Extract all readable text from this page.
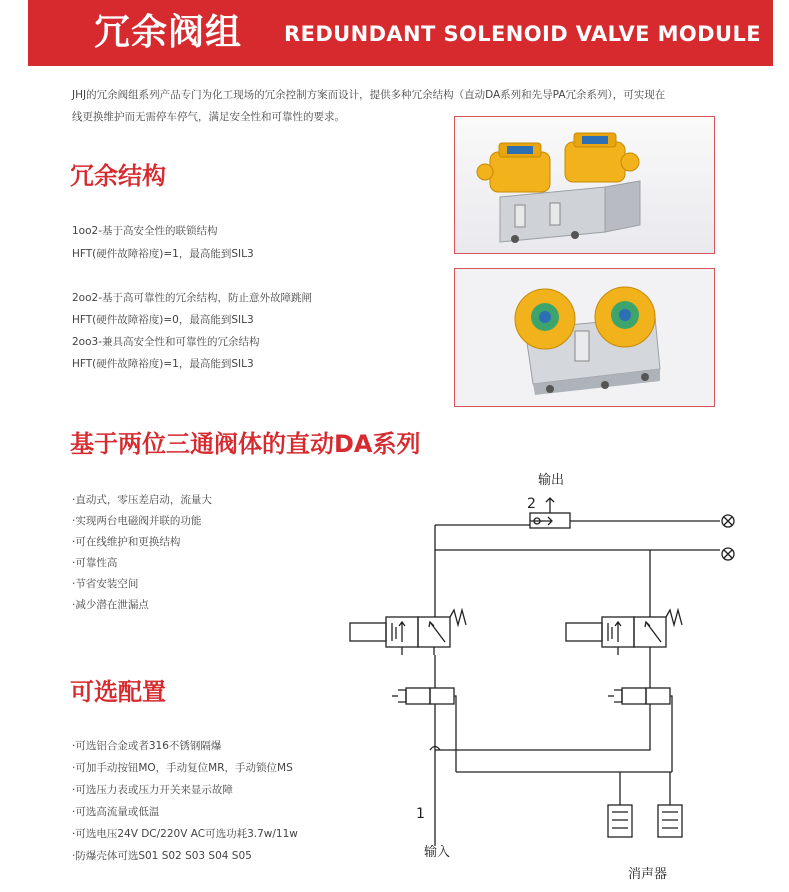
冗余阀组 REDUNDANT SOLENOID VALVE MODULE
JHJ的冗余阀组系列产品专门为化工现场的冗余控制方案而设计，提供多种冗余结构（直动DA系列和先导PA冗余系列），可实现在
线更换维护而无需停车停气，满足安全性和可靠性的要求。
冗余结构
1oo2-基于高安全性的联锁结构
HFT(硬件故障裕度)=1，最高能到SIL3
2oo2-基于高可靠性的冗余结构，防止意外故障跳闸
HFT(硬件故障裕度)=0，最高能到SIL3
2oo3-兼具高安全性和可靠性的冗余结构
HFT(硬件故障裕度)=1，最高能到SIL3
基于两位三通阀体的直动DA系列
·直动式，零压差启动，流量大
·实现两台电磁阀并联的功能
·可在线维护和更换结构
·可靠性高
·节省安装空间
·减少潜在泄漏点
可选配置
·可选铝合金或者316不锈钢隔爆
·可加手动按钮MO，手动复位MR，手动锁位MS
·可选压力表或压力开关来显示故障
·可选高流量或低温
·可选电压24V DC/220V AC可选功耗3.7w/11w
·防爆壳体可选S01 S02 S03 S04 S05
输出
2
1
输入
消声器
